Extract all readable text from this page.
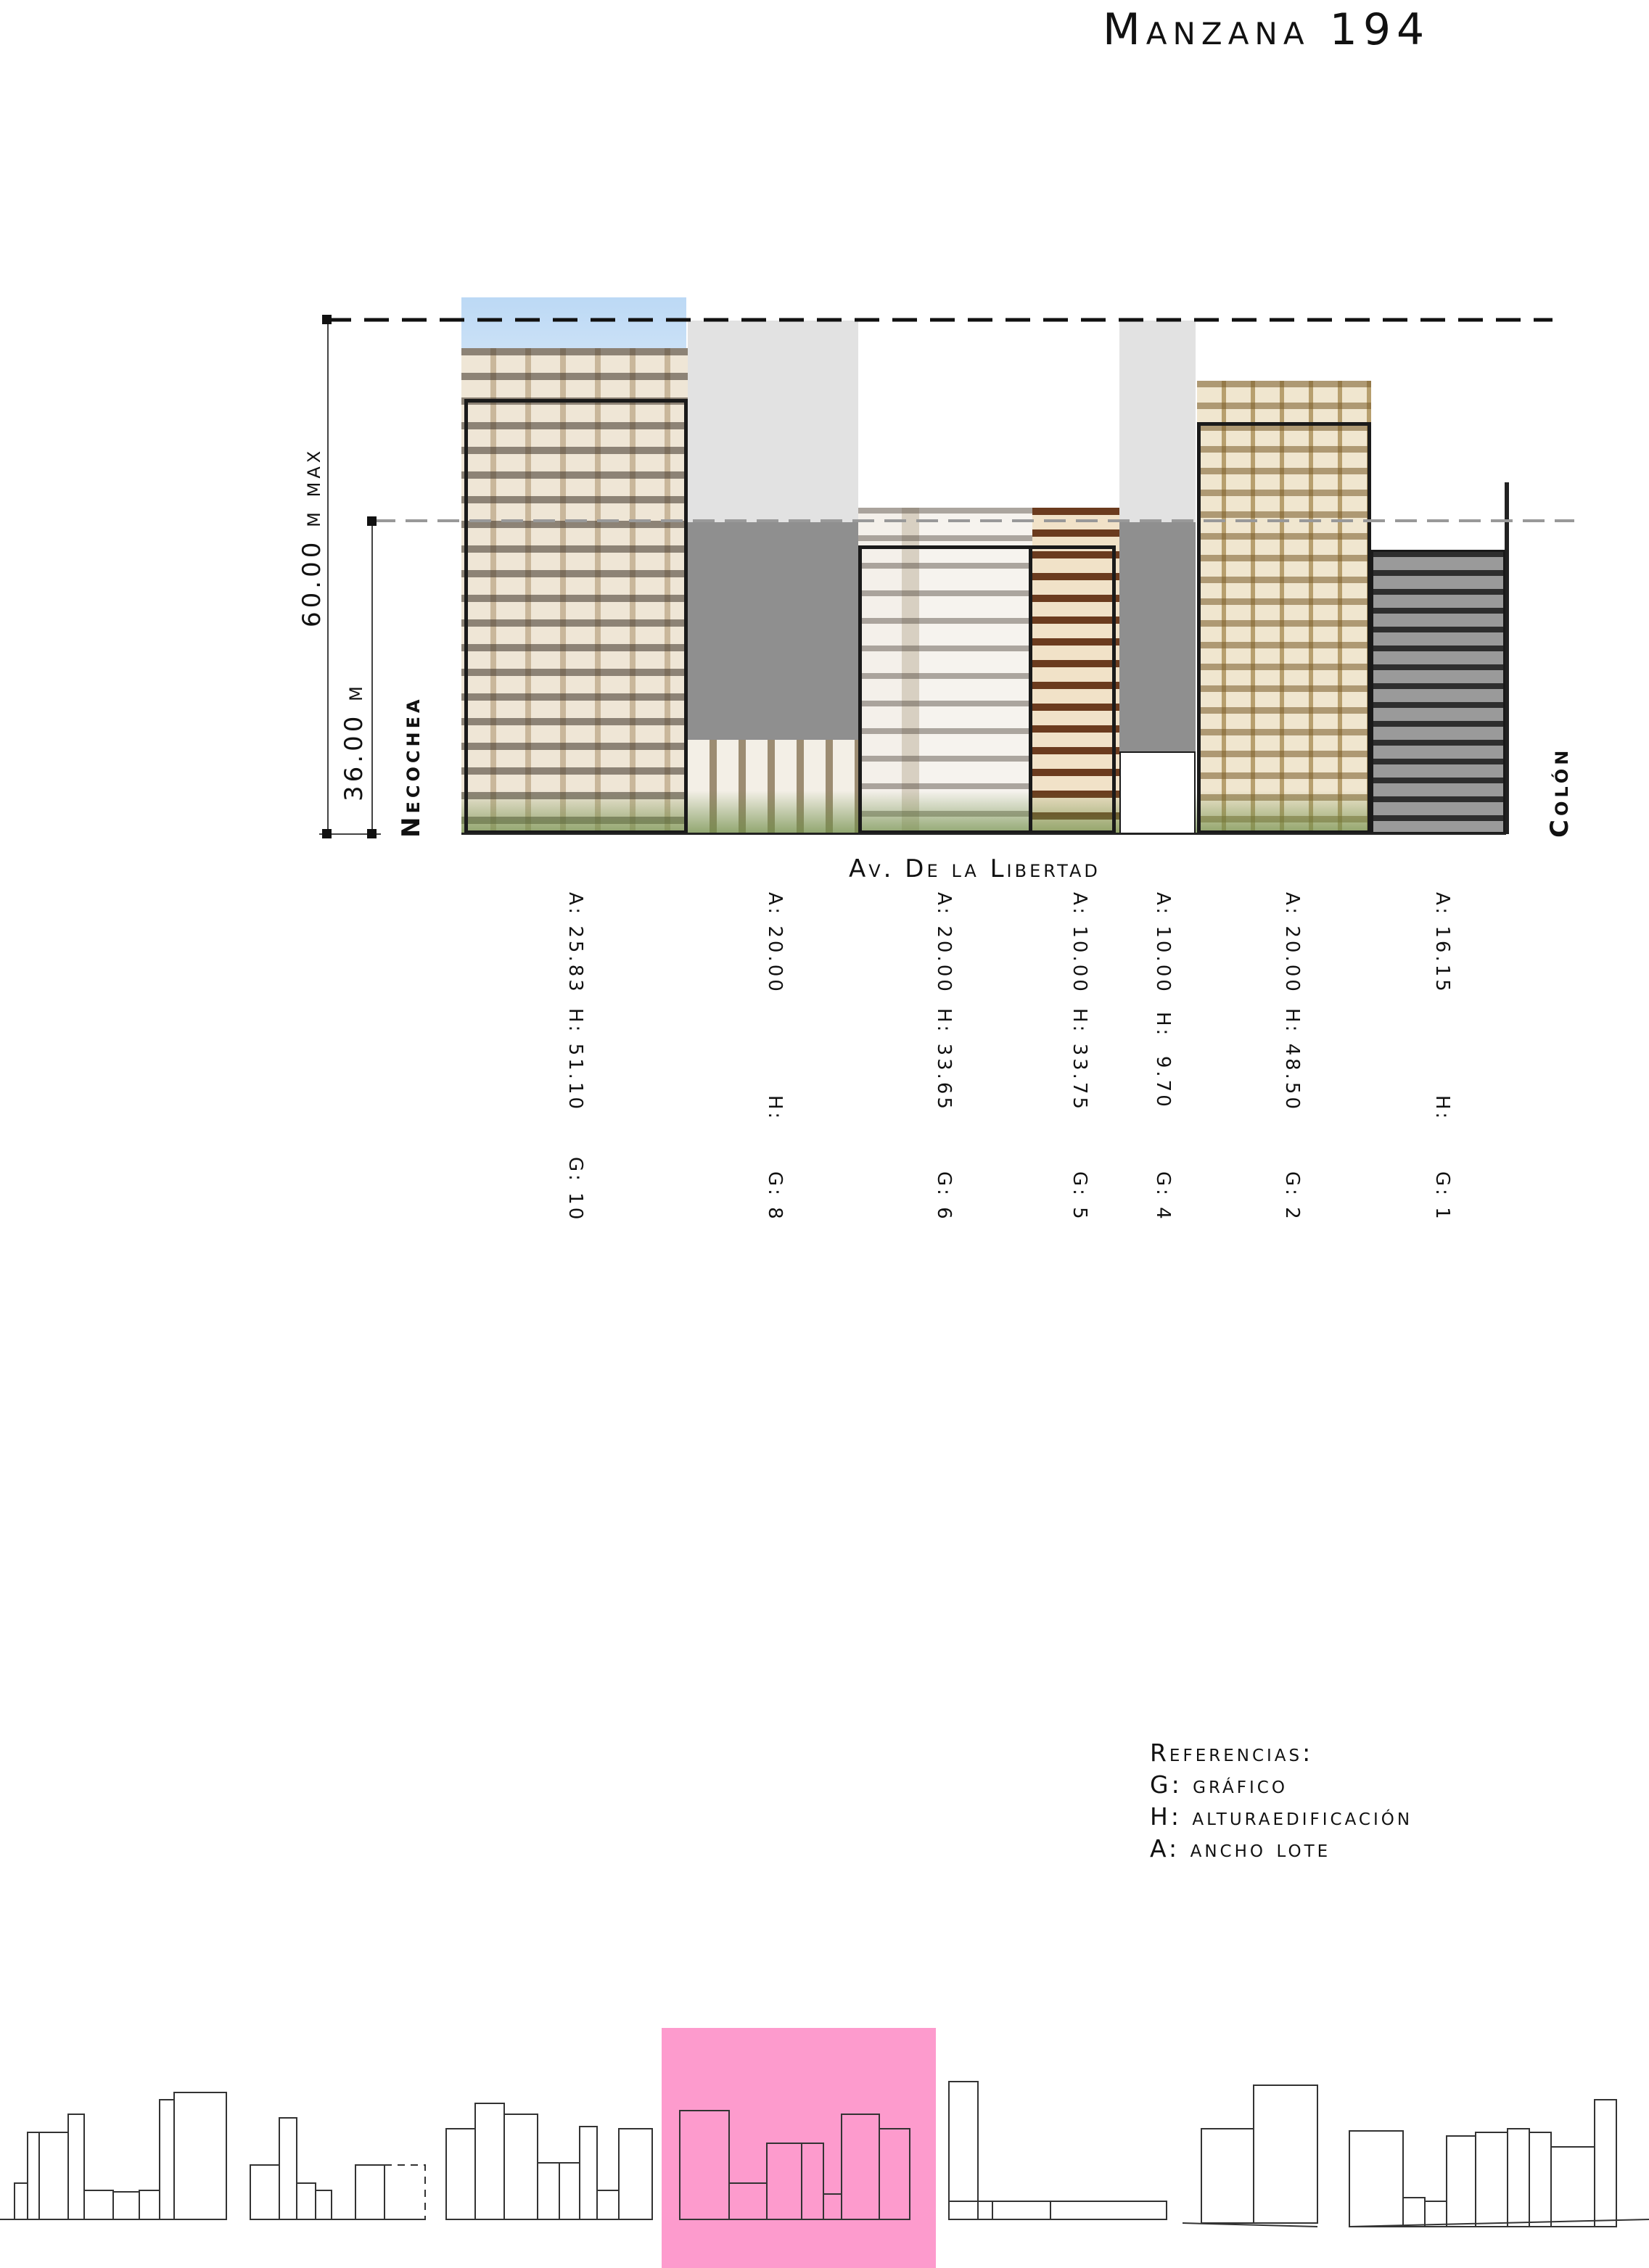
Manzana 194
60.00 m max
36.00 m Necochea	Colón
Av. De la Libertad
A: 25.83
H: 51.10
G: 10
A: 20.00
H:
G: 8
A: 20.00
H: 33.65
G: 6
A: 10.00
H: 33.75
G: 5
A: 10.00
H:  9.70
G: 4
A: 20.00
H: 48.50
G: 2
A: 16.15
H:
G: 1
Referencias:
G: gráfico
H: alturaedificación
A: ancho lote
